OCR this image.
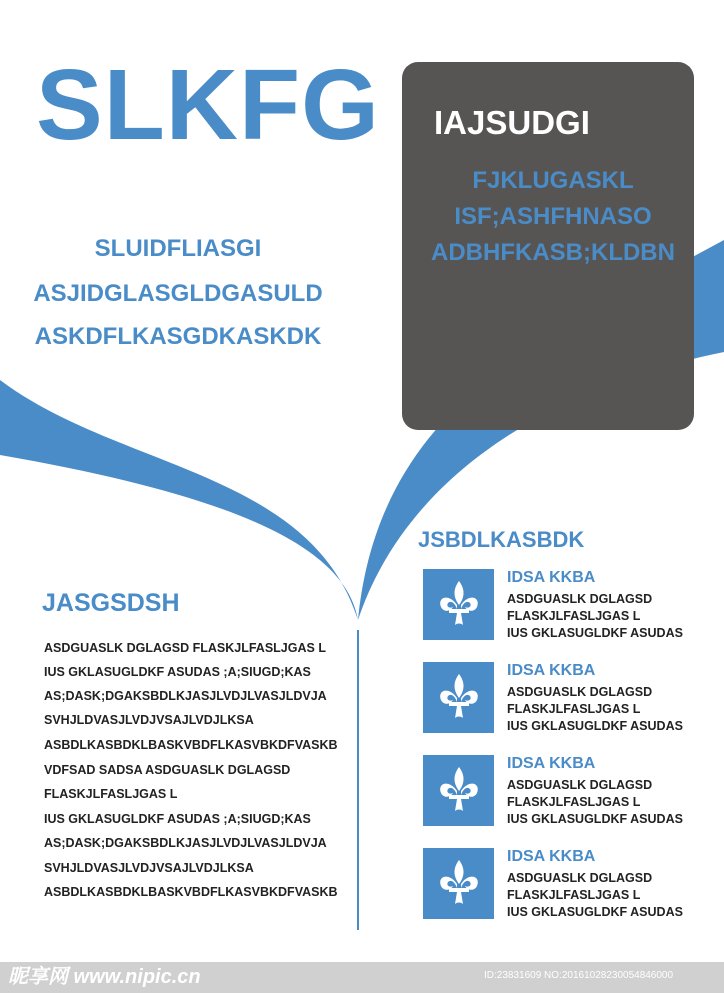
SLKFG
SLUIDFLIASGI
ASJIDGLASGLDGASULD
ASKDFLKASGDKASKDK
IAJSUDGI
FJKLUGASKL
ISF;ASHFHNASO
ADBHFKASB;KLDBN
JASGSDSH
ASDGUASLK DGLAGSD FLASKJLFASLJGAS L
IUS GKLASUGLDKF ASUDAS ;A;SIUGD;KAS
AS;DASK;DGAKSBDLKJASJLVDJLVASJLDVJA
SVHJLDVASJLVDJVSAJLVDJLKSA
ASBDLKASBDKLBASKVBDFLKASVBKDFVASKB
VDFSAD SADSA ASDGUASLK DGLAGSD
FLASKJLFASLJGAS L
IUS GKLASUGLDKF ASUDAS ;A;SIUGD;KAS
AS;DASK;DGAKSBDLKJASJLVDJLVASJLDVJA
SVHJLDVASJLVDJVSAJLVDJLKSA
ASBDLKASBDKLBASKVBDFLKASVBKDFVASKB
JSBDLKASBDK
IDSA KKBA
ASDGUASLK DGLAGSD
FLASKJLFASLJGAS L
IUS GKLASUGLDKF ASUDAS
IDSA KKBA
ASDGUASLK DGLAGSD
FLASKJLFASLJGAS L
IUS GKLASUGLDKF ASUDAS
IDSA KKBA
ASDGUASLK DGLAGSD
FLASKJLFASLJGAS L
IUS GKLASUGLDKF ASUDAS
IDSA KKBA
ASDGUASLK DGLAGSD
FLASKJLFASLJGAS L
IUS GKLASUGLDKF ASUDAS
昵享网 www.nipic.cn	ID:23831609 NO:20161028230054846000
